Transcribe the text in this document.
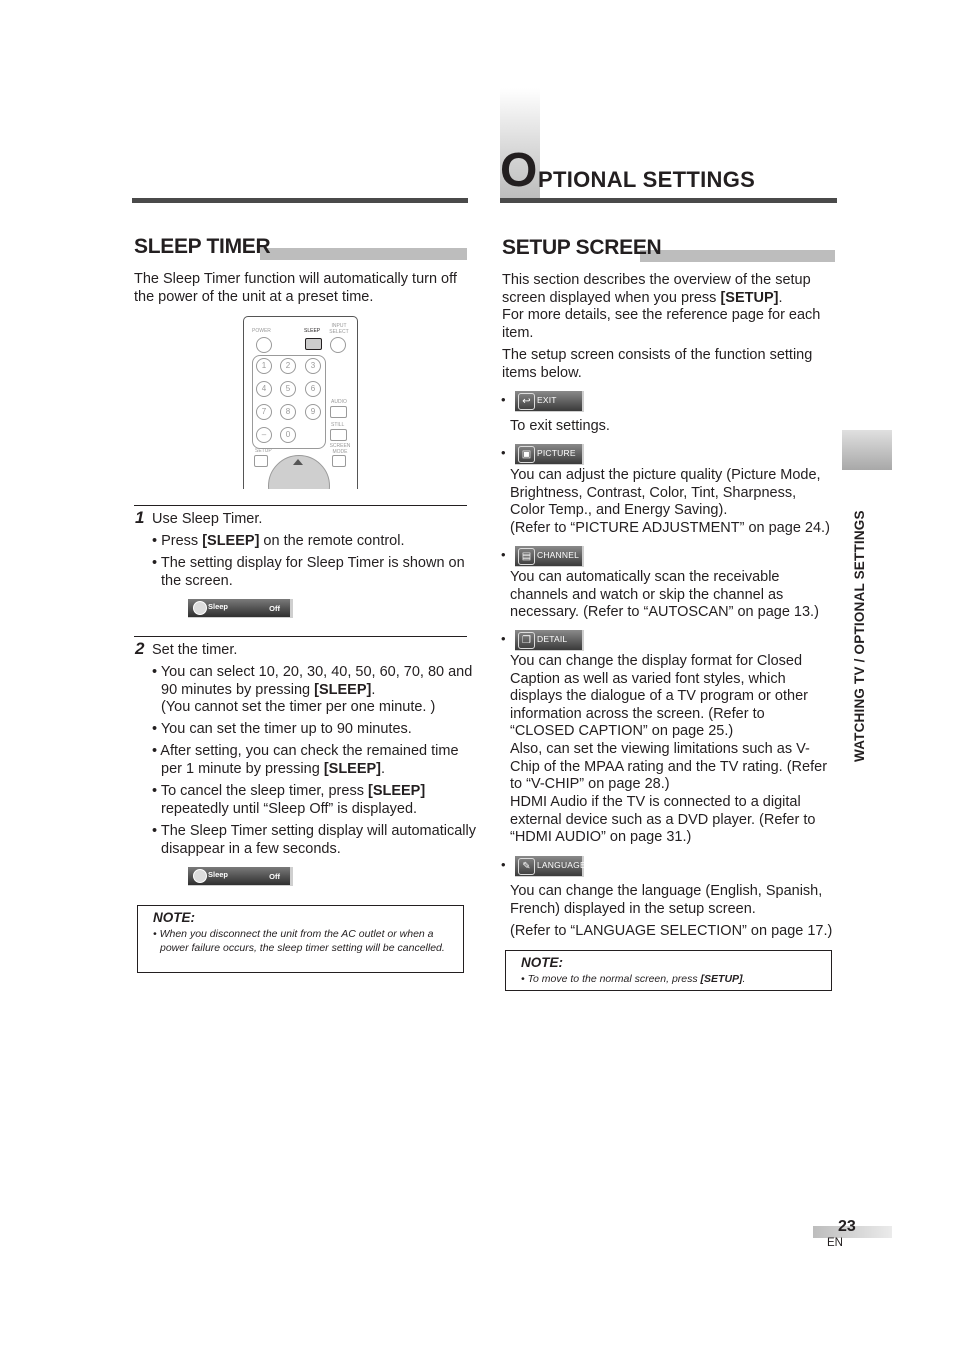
O PTIONAL SETTINGS
SLEEP TIMER
The Sleep Timer function will automatically turn off the power of the unit at a preset time.
POWER	SLEEP
INPUT SELECT
1	2	3
4	5	6
7	8	9
–	0
AUDIO
STILL
SETUP
SCREEN MODE
1 Use Sleep Timer.
• Press [SLEEP] on the remote control.
• The setting display for Sleep Timer is shown on the screen.
Sleep	Off
2 Set the timer.
• You can select 10, 20, 30, 40, 50, 60, 70, 80 and 90 minutes by pressing [SLEEP].
(You cannot set the timer per one minute. )
• You can set the timer up to 90 minutes.
• After setting, you can check the remained time per 1 minute by pressing [SLEEP].
• To cancel the sleep timer, press [SLEEP] repeatedly until “Sleep Off” is displayed.
• The Sleep Timer setting display will automatically disappear in a few seconds.
Sleep	Off
NOTE:
• When you disconnect the unit from the AC outlet or when a power failure occurs, the sleep timer setting will be cancelled.
SETUP SCREEN
This section describes the overview of the setup screen displayed when you press [SETUP].
For more details, see the reference page for each item.
The setup screen consists of the function setting items below.
•	↩ EXIT
To exit settings.
•	▣ PICTURE
You can adjust the picture quality (Picture Mode, Brightness, Contrast, Color, Tint, Sharpness, Color Temp., and Energy Saving).
(Refer to “PICTURE ADJUSTMENT” on page 24.)
•	▤ CHANNEL
You can automatically scan the receivable channels and watch or skip the channel as necessary. (Refer to “AUTOSCAN” on page 13.)
•	❐ DETAIL
You can change the display format for Closed Caption as well as varied font styles, which displays the dialogue of a TV program or other information across the screen. (Refer to “CLOSED CAPTION” on page 25.)
Also, can set the viewing limitations such as V-Chip of the MPAA rating and the TV rating. (Refer to “V-CHIP” on page 28.)
HDMI Audio if the TV is connected to a digital external device such as a DVD player. (Refer to “HDMI AUDIO” on page 31.)
•	✎ LANGUAGE
You can change the language (English, Spanish, French) displayed in the setup screen.
(Refer to “LANGUAGE SELECTION” on page 17.)
NOTE:
• To move to the normal screen, press [SETUP].
WATCHING TV / OPTIONAL SETTINGS
23
EN
